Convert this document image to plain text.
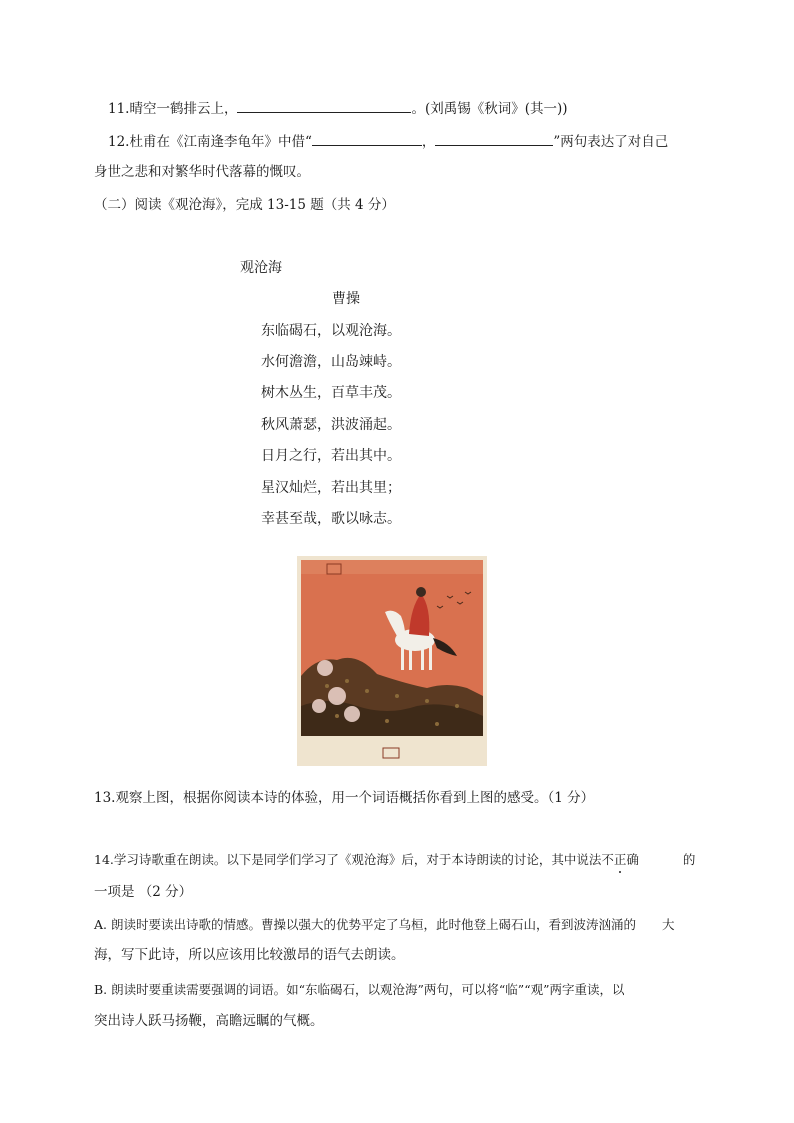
11.晴空一鹤排云上，	。(刘禹锡《秋词》(其一))
12.杜甫在《江南逢李龟年》中借“	，	”两句表达了对自己
身世之悲和对繁华时代落幕的慨叹。
（二）阅读《观沧海》，完成 13-15 题（共 4 分）
观沧海
曹操
东临碣石，以观沧海。
水何澹澹，山岛竦峙。
树木丛生，百草丰茂。
秋风萧瑟，洪波涌起。
日月之行，若出其中。
星汉灿烂，若出其里；
幸甚至哉，歌以咏志。
13.观察上图，根据你阅读本诗的体验，用一个词语概括你看到上图的感受。（1 分）
14.学习诗歌重在朗读。以下是同学们学习了《观沧海》后，对于本诗朗读的讨论，其中说法不正确	的
一项是 （2 分）
A. 朗读时要读出诗歌的情感。曹操以强大的优势平定了乌桓，此时他登上碣石山，看到波涛汹涌的 大
海，写下此诗，所以应该用比较激昂的语气去朗读。
B. 朗读时要重读需要强调的词语。如“东临碣石，以观沧海”两句，可以将“临”“观”两字重读，以
突出诗人跃马扬鞭，高瞻远瞩的气概。
